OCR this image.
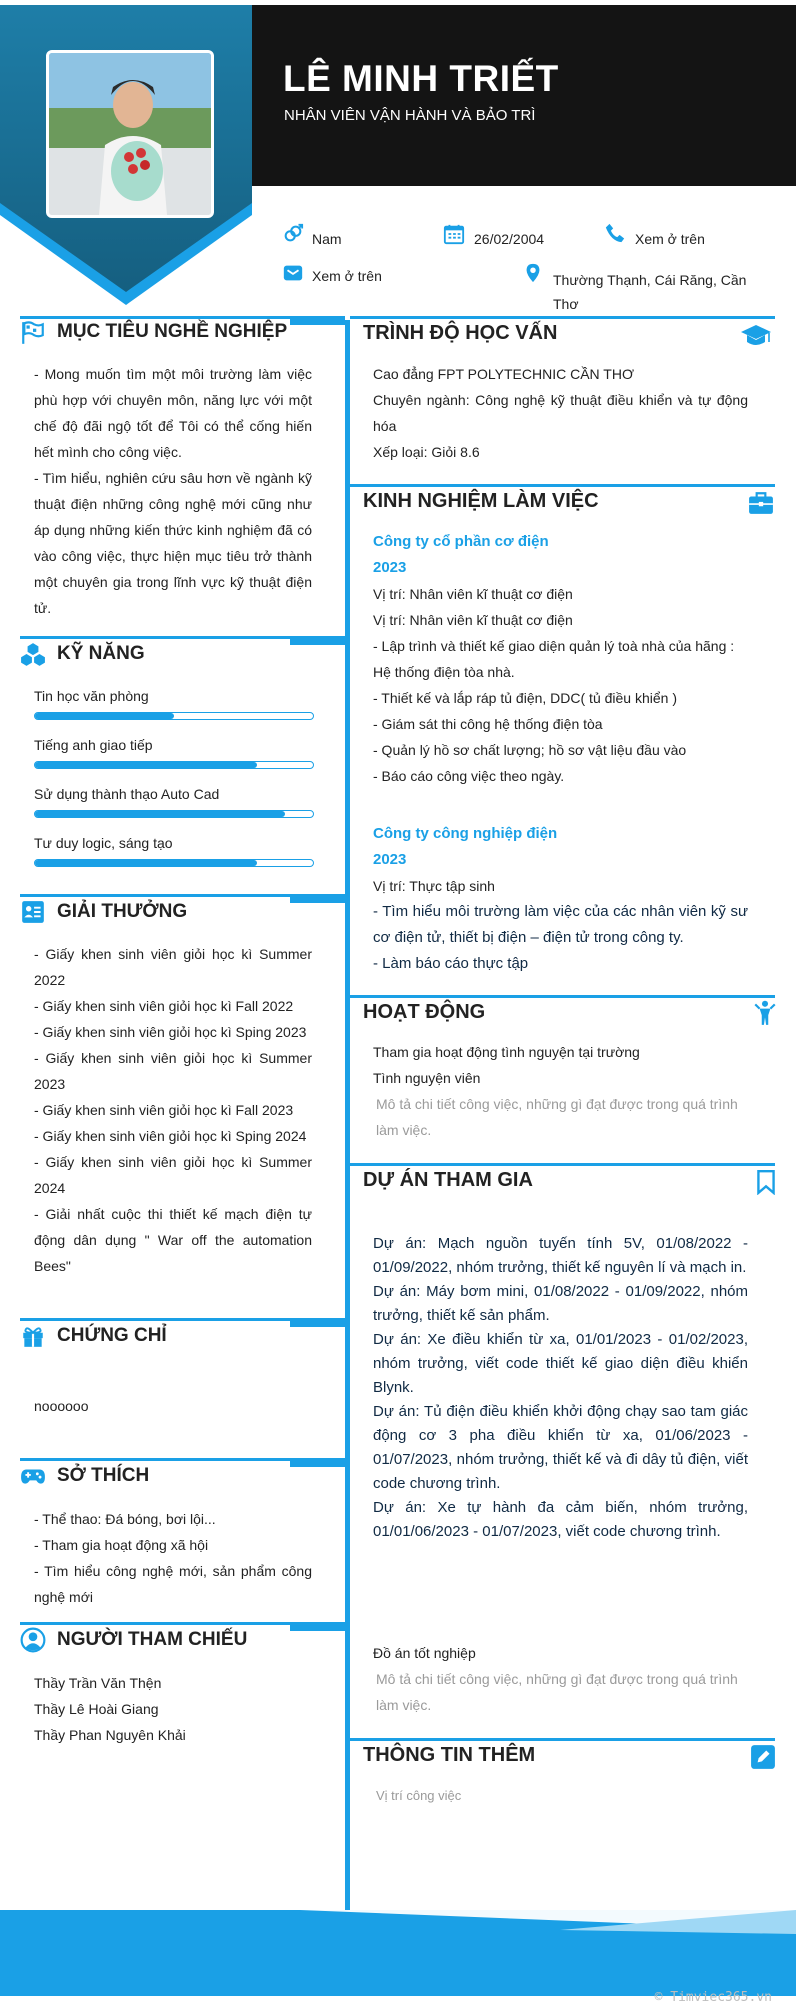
LÊ MINH TRIẾT
NHÂN VIÊN VẬN HÀNH VÀ BẢO TRÌ
Nam	26/02/2004	Xem ở trên
Xem ở trên	Thường Thạnh, Cái Răng, Cần Thơ
MỤC TIÊU NGHỀ NGHIỆP

- Mong muốn tìm một môi trường làm việc phù hợp với chuyên môn, năng lực với một chế độ đãi ngộ tốt để Tôi có thể cống hiến hết mình cho công việc.

- Tìm hiểu, nghiên cứu sâu hơn về ngành kỹ thuật điện những công nghệ mới cũng như áp dụng những kiến thức kinh nghiệm đã có vào công việc, thực hiện mục tiêu trở thành một chuyên gia trong lĩnh vực kỹ thuật điện tử.

KỸ NĂNG
Tin học văn phòng
Tiếng anh giao tiếp
Sử dụng thành thạo Auto Cad
Tư duy logic, sáng tạo
GIẢI THƯỞNG

- Giấy khen sinh viên giỏi học kì Summer 2022

- Giấy khen sinh viên giỏi học kì Fall 2022

- Giấy khen sinh viên giỏi học kì Sping 2023

- Giấy khen sinh viên giỏi học kì Summer 2023

- Giấy khen sinh viên giỏi học kì Fall 2023

- Giấy khen sinh viên giỏi học kì Sping 2024

- Giấy khen sinh viên giỏi học kì Summer 2024

- Giải nhất cuộc thi thiết kế mạch điện tự động dân dụng " War off the automation Bees"

CHỨNG CHỈ
noooooo
SỞ THÍCH

- Thể thao: Đá bóng, bơi lội...

- Tham gia hoạt động xã hội

- Tìm hiểu công nghệ mới, sản phẩm công nghệ mới

NGƯỜI THAM CHIẾU

Thầy Trần Văn Thện

Thầy Lê Hoài Giang

Thầy Phan Nguyên Khải

TRÌNH ĐỘ HỌC VẤN

Cao đẳng FPT POLYTECHNIC CẦN THƠ

Chuyên ngành: Công nghệ kỹ thuật điều khiển và tự động hóa

Xếp loại: Giỏi 8.6

KINH NGHIỆM LÀM VIỆC

Công ty cổ phần cơ điện

2023

Vị trí: Nhân viên kĩ thuật cơ điện

Vị trí: Nhân viên kĩ thuật cơ điện

- Lập trình và thiết kế giao diện quản lý toà nhà của hãng : Hệ thống điện tòa nhà.

- Thiết kế và lắp ráp tủ điện, DDC( tủ điều khiển )

- Giám sát thi công hệ thống điện tòa

- Quản lý hồ sơ chất lượng; hồ sơ vật liệu đầu vào

- Báo cáo công việc theo ngày.

Công ty công nghiệp điện

2023

Vị trí: Thực tập sinh

- Tìm hiểu môi trường làm việc của các nhân viên kỹ sư cơ điện tử, thiết bị điện – điện tử trong công ty.

- Làm báo cáo thực tập

HOẠT ĐỘNG

Tham gia hoạt động tình nguyện tại trường

Tình nguyện viên

Mô tả chi tiết công việc, những gì đạt được trong quá trình làm việc.

DỰ ÁN THAM GIA

Dự án: Mạch nguồn tuyến tính 5V, 01/08/2022 - 01/09/2022, nhóm trưởng, thiết kế nguyên lí và mạch in.

Dự án: Máy bơm mini, 01/08/2022 - 01/09/2022, nhóm trưởng, thiết kế sản phẩm.

Dự án: Xe điều khiển từ xa, 01/01/2023 - 01/02/2023, nhóm trưởng, viết code thiết kế giao diện điều khiển Blynk.

Dự án: Tủ điện điều khiển khởi động chạy sao tam giác động cơ 3 pha điều khiển từ xa, 01/06/2023 - 01/07/2023, nhóm trưởng, thiết kế và đi dây tủ điện, viết code chương trình.

Dự án: Xe tự hành đa cảm biến, nhóm trưởng, 01/01/06/2023 - 01/07/2023, viết code chương trình.

Đồ án tốt nghiệp

Mô tả chi tiết công việc, những gì đạt được trong quá trình làm việc.

THÔNG TIN THÊM
Vị trí công việc
© Timviec365.vn
